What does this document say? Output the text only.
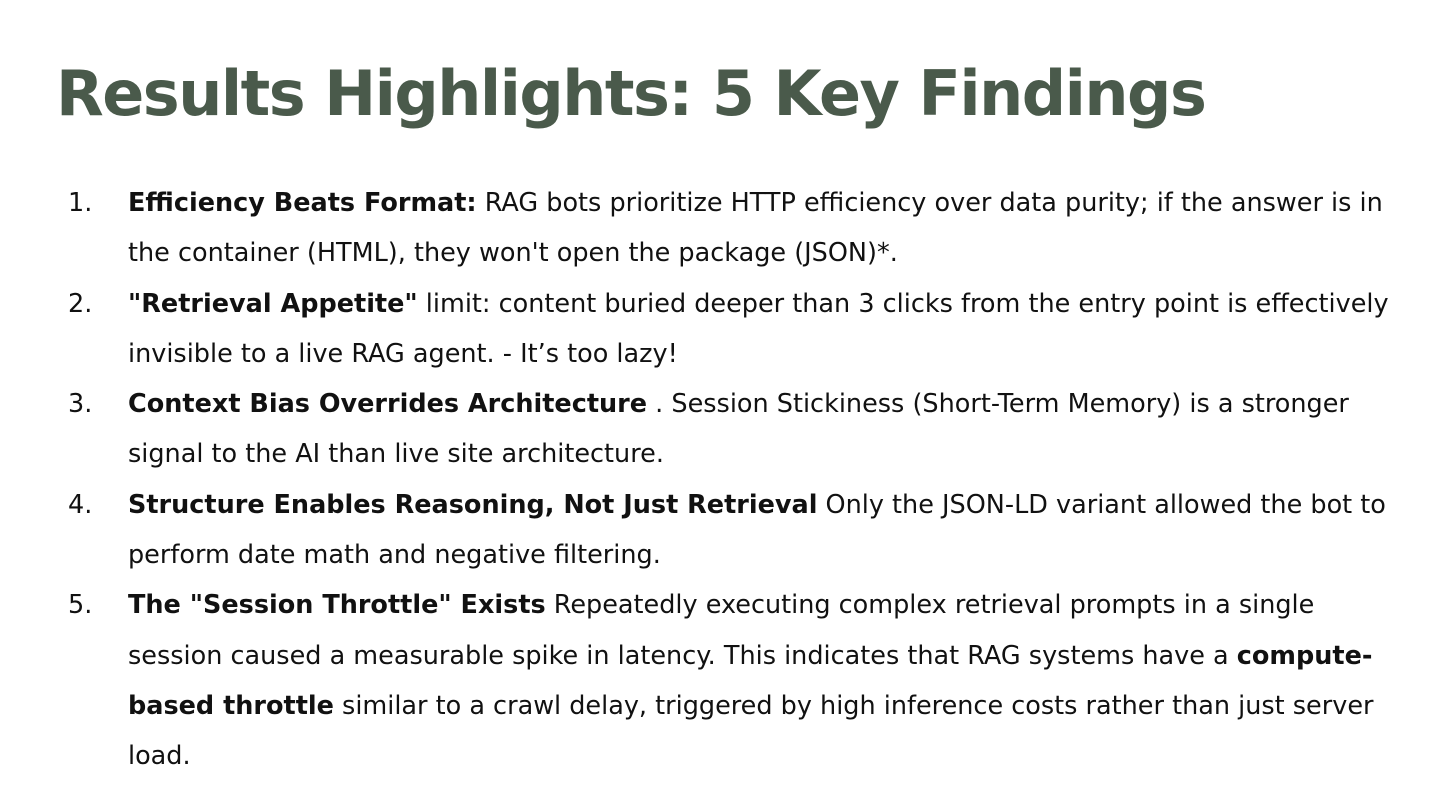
Results Highlights: 5 Key Findings
1. Efficiency Beats Format: RAG bots prioritize HTTP efficiency over data purity; if the answer is in the container (HTML), they won't open the package (JSON)*.
2. "Retrieval Appetite" limit: content buried deeper than 3 clicks from the entry point is effectively invisible to a live RAG agent. - It’s too lazy!
3. Context Bias Overrides Architecture . Session Stickiness (Short-Term Memory) is a stronger signal to the AI than live site architecture.
4. Structure Enables Reasoning, Not Just Retrieval Only the JSON-LD variant allowed the bot to perform date math and negative filtering.
5. The "Session Throttle" Exists Repeatedly executing complex retrieval prompts in a single session caused a measurable spike in latency. This indicates that RAG systems have a compute-based throttle similar to a crawl delay, triggered by high inference costs rather than just server load.
